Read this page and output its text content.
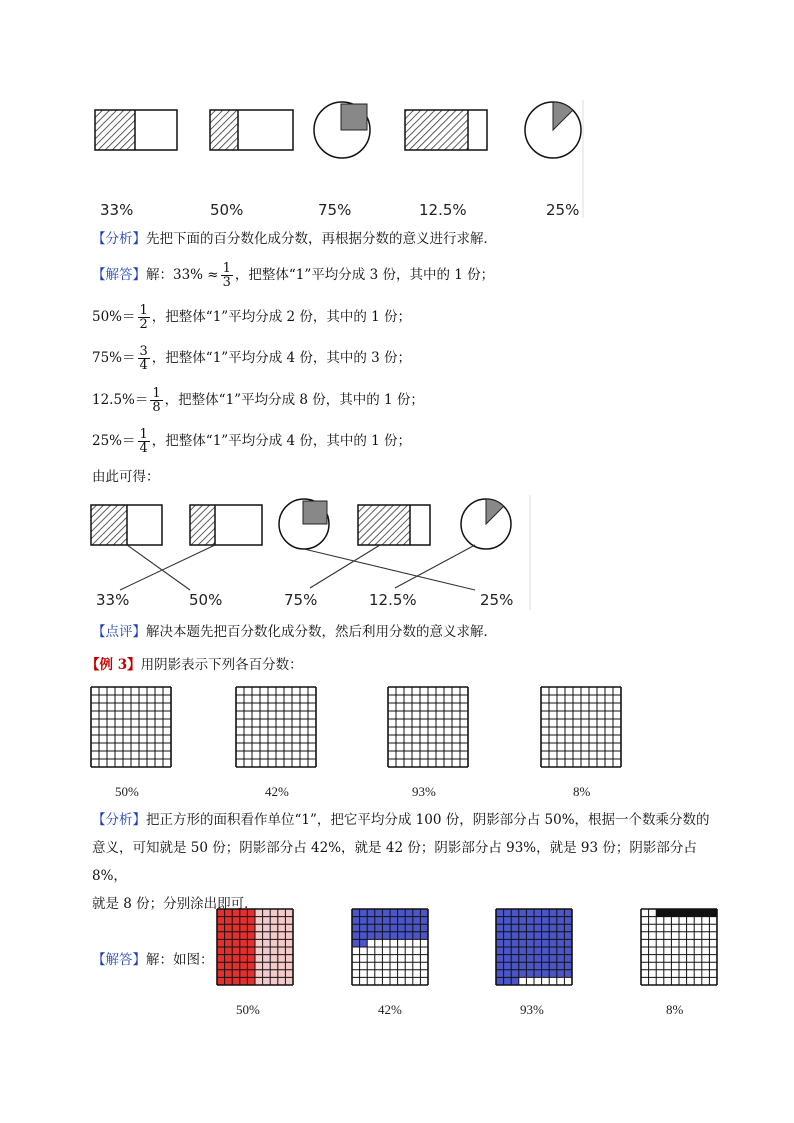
33%	50%	75%	12.5%	25%
【分析】先把下面的百分数化成分数，再根据分数的意义进行求解．
【解答】解：$33\% \approx \frac{1}{3}$ ，把整体“1”平均分成 3 份，其中的 1 份；
$50\%= \frac{1}{2}$ ，把整体“1”平均分成 2 份，其中的 1 份；
$75\%= \frac{3}{4}$ ，把整体“1”平均分成 4 份，其中的 3 份；
$12.5\%= \frac{1}{8}$ ，把整体“1”平均分成 8 份，其中的 1 份；
$25\%= \frac{1}{4}$ ，把整体“1”平均分成 4 份，其中的 1 份；
由此可得：
33%	50%	75%	12.5%	25%
【点评】解决本题先把百分数化成分数，然后利用分数的意义求解．
【例 3】用阴影表示下列各百分数：
50%	42%	93%	8%
【分析】把正方形的面积看作单位“1”，把它平均分成 100 份，阴影部分占 50%，根据一个数乘分数的
意义，可知就是 50 份；阴影部分占 42%，就是 42 份；阴影部分占 93%，就是 93 份；阴影部分占 8%，
就是 8 份；分别涂出即可．
【解答】解：如图：
50%	42%	93%	8%
